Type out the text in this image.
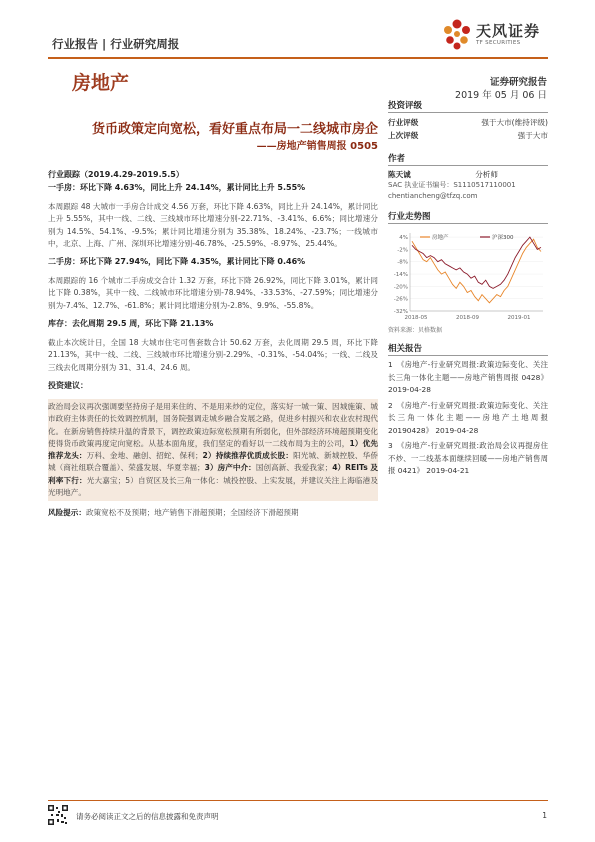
行业报告 | 行业研究周报
天风证券
TF SECURITIES
房地产	证券研究报告
2019 年 05 月 06 日
货币政策定向宽松，看好重点布局一二线城市房企
——房地产销售周报 0505
行业跟踪（2019.4.29-2019.5.5）
一手房：环比下降 4.63%，同比上升 24.14%，累计同比上升 5.55%
本周跟踪 48 大城市一手房合计成交 4.56 万套，环比下降 4.63%，同比上升 24.14%，累计同比上升 5.55%，其中一线、二线、三线城市环比增速分别-22.71%、-3.41%、6.6%；同比增速分别为 14.5%、54.1%、-9.5%；累计同比增速分别为 35.38%、18.24%、-23.7%；一线城市中，北京、上海、广州、深圳环比增速分别-46.78%、-25.59%、-8.97%、25.44%。
二手房：环比下降 27.94%，同比下降 4.35%，累计同比下降 0.46%
本周跟踪的 16 个城市二手房成交合计 1.32 万套，环比下降 26.92%，同比下降 3.01%，累计同比下降 0.38%，其中一线、二线城市环比增速分别-78.94%、-33.53%、-27.59%；同比增速分别为-7.4%、12.7%、-61.8%；累计同比增速分别为-2.8%、9.9%、-55.8%。
库存：去化周期 29.5 周，环比下降 21.13%
截止本次统计日，全国 18 大城市住宅可售套数合计 50.62 万套，去化周期 29.5 周，环比下降 21.13%，其中一线、二线、三线城市环比增速分别-2.29%、-0.31%、-54.04%；一线、二线及三线去化周期分别为 31、31.4、24.6 周。
投资建议：
政治局会议再次强调要坚持房子是用来住的、不是用来炒的定位，落实好一城一策、因城施策、城市政府主体责任的长效调控机制，国务院强调走城乡融合发展之路，促进乡村振兴和农业农村现代化。在新房销售持续升温的背景下，调控政策边际宽松预期有所弱化，但外部经济环境超预期变化使得货币政策再度定向宽松。从基本面角度，我们坚定的看好以一二线布局为主的公司，1）优先推荐龙头：万科、金地、融创、招蛇、保利；2）持续推荐优质成长股：阳光城、新城控股、华侨城（商社组联合覆盖）、荣盛发展、华夏幸福；3）房产中介：国创高新、我爱我家；4）REITs 及利率下行：光大嘉宝；5）自贸区及长三角一体化：城投控股、上实发展，并建议关注上海临港及光明地产。
风险提示：政策宽松不及预期；地产销售下滑超预期；全国经济下滑超预期
投资评级
行业评级	强于大市(维持评级)
上次评级	强于大市
作者
陈天诚	分析师
SAC 执业证书编号：S1110517110001
chentiancheng@tfzq.com
行业走势图
4%
-2%
-8%
-14%
-20%
-26%
-32%
2018-05	2018-09	2019-01
房地产	沪深300
资料来源：贝格数据
相关报告
1 《房地产-行业研究周报:政策边际变化、关注长三角一体化主题——房地产销售周报 0428》 2019-04-28
2 《房地产-行业研究周报:政策边际变化、关注长三角一体化主题——房地产土地周报 20190428》 2019-04-28
3 《房地产-行业研究周报:政治局会议再提房住不炒、一二线基本面继续回暖——房地产销售周报 0421》 2019-04-21
请务必阅读正文之后的信息披露和免责声明	1
